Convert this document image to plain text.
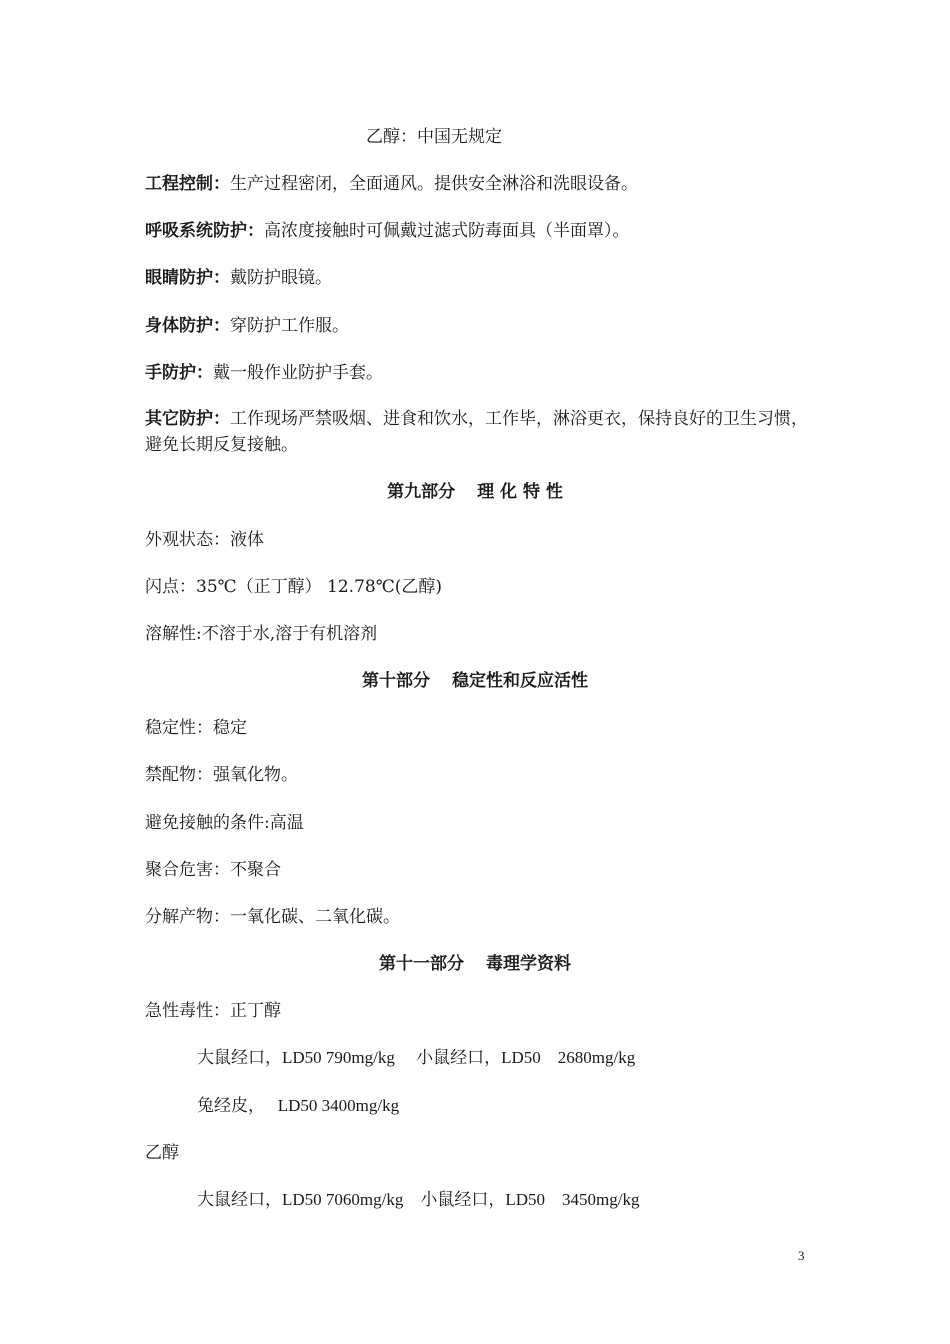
乙醇：中国无规定
工程控制：生产过程密闭，全面通风。提供安全淋浴和洗眼设备。
呼吸系统防护：高浓度接触时可佩戴过滤式防毒面具（半面罩）。
眼睛防护：戴防护眼镜。
身体防护：穿防护工作服。
手防护：戴一般作业防护手套。
其它防护：工作现场严禁吸烟、进食和饮水，工作毕，淋浴更衣，保持良好的卫生习惯，避免长期反复接触。
第九部分 理 化 特 性
外观状态：液体
闪点：35℃（正丁醇） 12.78℃(乙醇)
溶解性:不溶于水,溶于有机溶剂
第十部分 稳定性和反应活性
稳定性：稳定
禁配物：强氧化物。
避免接触的条件:高温
聚合危害：不聚合
分解产物：一氧化碳、二氧化碳。
第十一部分 毒理学资料
急性毒性：正丁醇
大鼠经口，LD50 790mg/kg　 小鼠经口，LD50　2680mg/kg
兔经皮，　 LD50 3400mg/kg
乙醇
大鼠经口，LD50 7060mg/kg　小鼠经口，LD50　3450mg/kg
3
